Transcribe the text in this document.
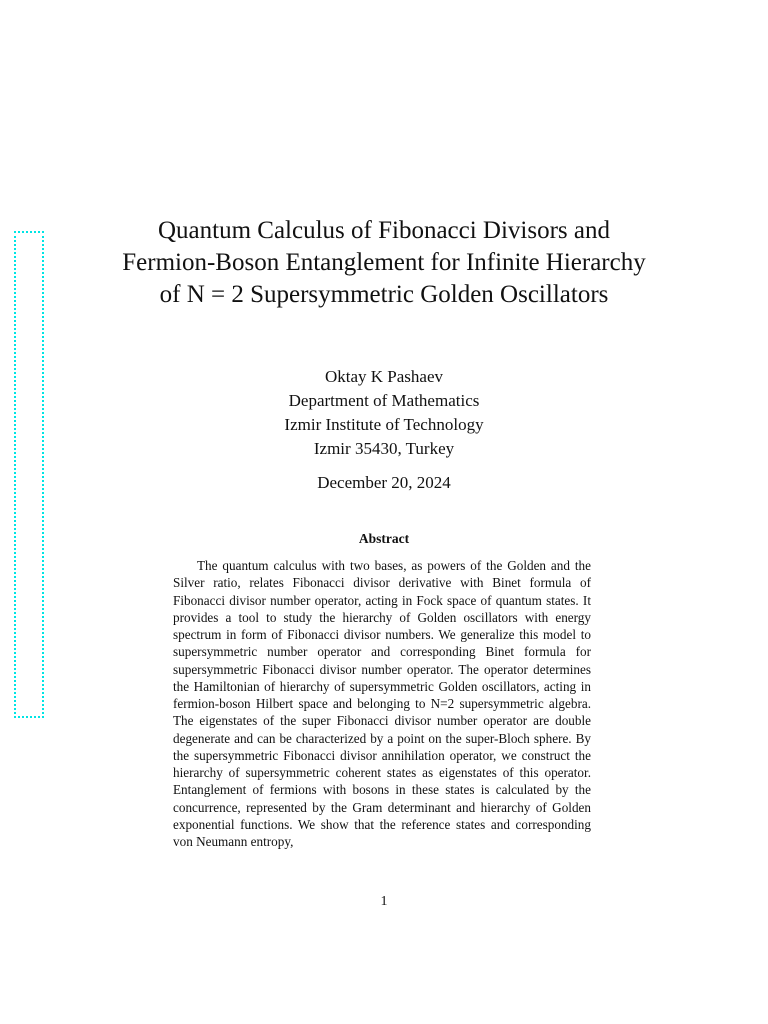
Quantum Calculus of Fibonacci Divisors and Fermion-Boson Entanglement for Infinite Hierarchy of N = 2 Supersymmetric Golden Oscillators
Oktay K Pashaev
Department of Mathematics
Izmir Institute of Technology
Izmir 35430, Turkey
December 20, 2024
Abstract
The quantum calculus with two bases, as powers of the Golden and the Silver ratio, relates Fibonacci divisor derivative with Binet formula of Fibonacci divisor number operator, acting in Fock space of quantum states. It provides a tool to study the hierarchy of Golden oscillators with energy spectrum in form of Fibonacci divisor numbers. We generalize this model to supersymmetric number operator and corresponding Binet formula for supersymmetric Fibonacci divisor number operator. The operator determines the Hamiltonian of hierarchy of supersymmetric Golden oscillators, acting in fermion-boson Hilbert space and belonging to N=2 supersymmetric algebra. The eigenstates of the super Fibonacci divisor number operator are double degenerate and can be characterized by a point on the super-Bloch sphere. By the supersymmetric Fibonacci divisor annihilation operator, we construct the hierarchy of supersymmetric coherent states as eigenstates of this operator. Entanglement of fermions with bosons in these states is calculated by the concurrence, represented by the Gram determinant and hierarchy of Golden exponential functions. We show that the reference states and corresponding von Neumann entropy,
1
